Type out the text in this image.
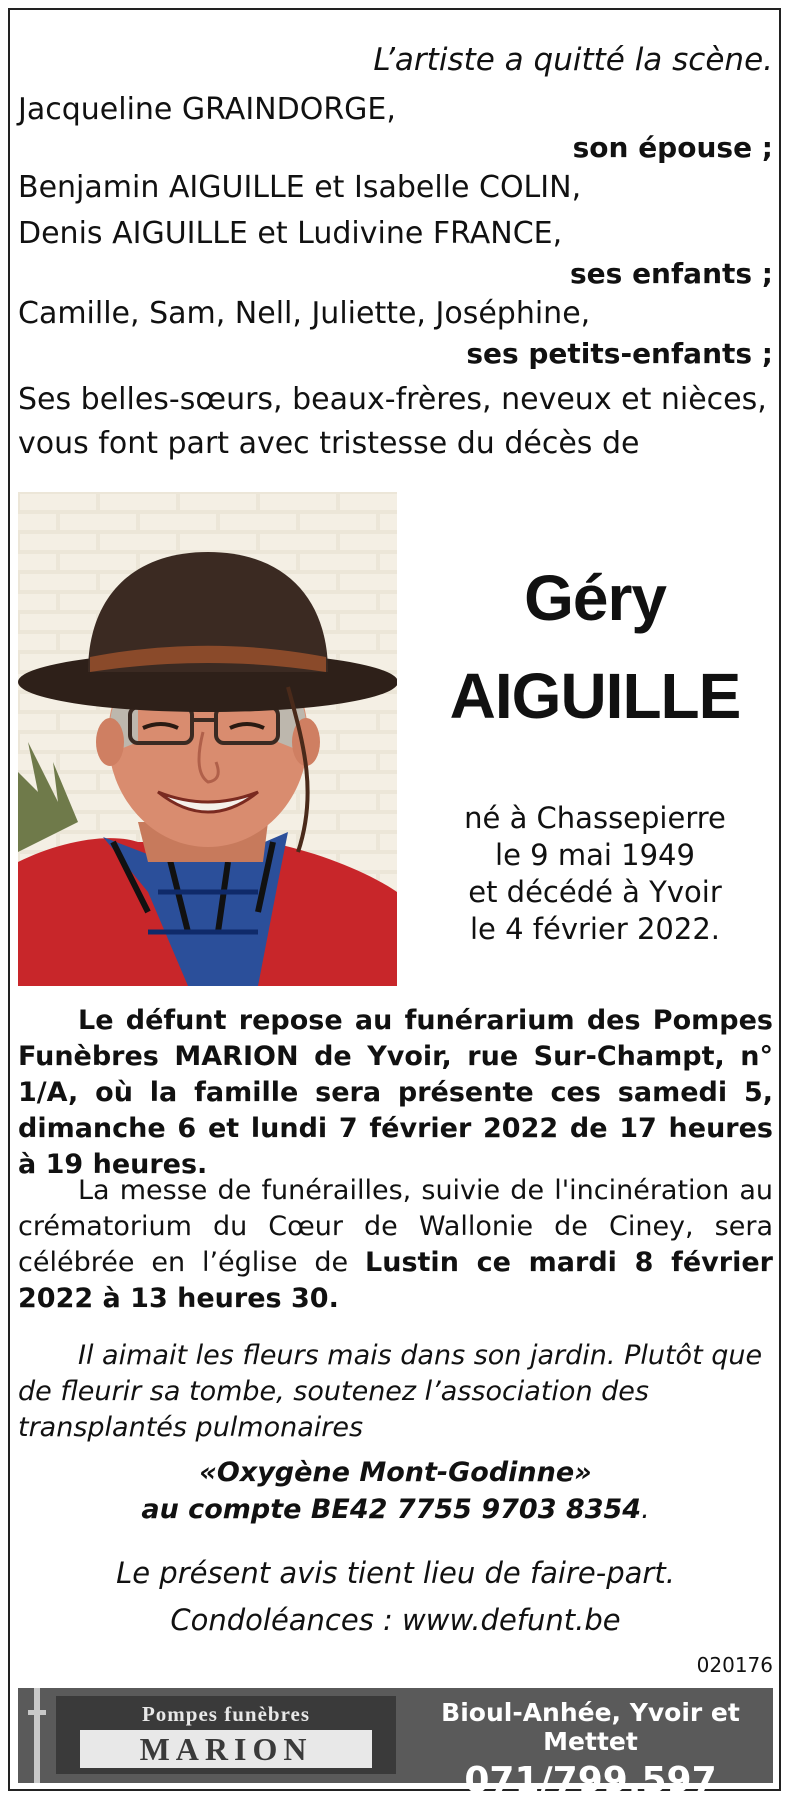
L’artiste a quitté la scène.
Jacqueline GRAINDORGE,
son épouse ;
Benjamin AIGUILLE et Isabelle COLIN,
Denis AIGUILLE et Ludivine FRANCE,
ses enfants ;
Camille, Sam, Nell, Juliette, Joséphine,
ses petits-enfants ;
Ses belles-sœurs, beaux-frères, neveux et nièces,
vous font part avec tristesse du décès de
Géry
AIGUILLE
né à Chassepierre
le 9 mai 1949
et décédé à Yvoir
le 4 février 2022.

Le défunt repose au funérarium des Pompes Funèbres MARION de Yvoir, rue Sur-Champt, n° 1/A, où la famille sera présente ces samedi 5, dimanche 6 et lundi 7 février 2022 de 17 heures à 19 heures.

La messe de funérailles, suivie de l'incinération au crématorium du Cœur de Wallonie de Ciney, sera célébrée en l’église de Lustin ce mardi 8 février 2022 à 13 heures 30.

Il aimait les fleurs mais dans son jardin. Plutôt que de fleurir sa tombe, soutenez l’association des transplantés pulmonaires

«Oxygène Mont-Godinne»
au compte BE42 7755 9703 8354.
Le présent avis tient lieu de faire-part.
Condoléances : www.defunt.be
020176
Pompes funèbres
MARION
Bioul-Anhée, Yvoir et Mettet
071/799.597
